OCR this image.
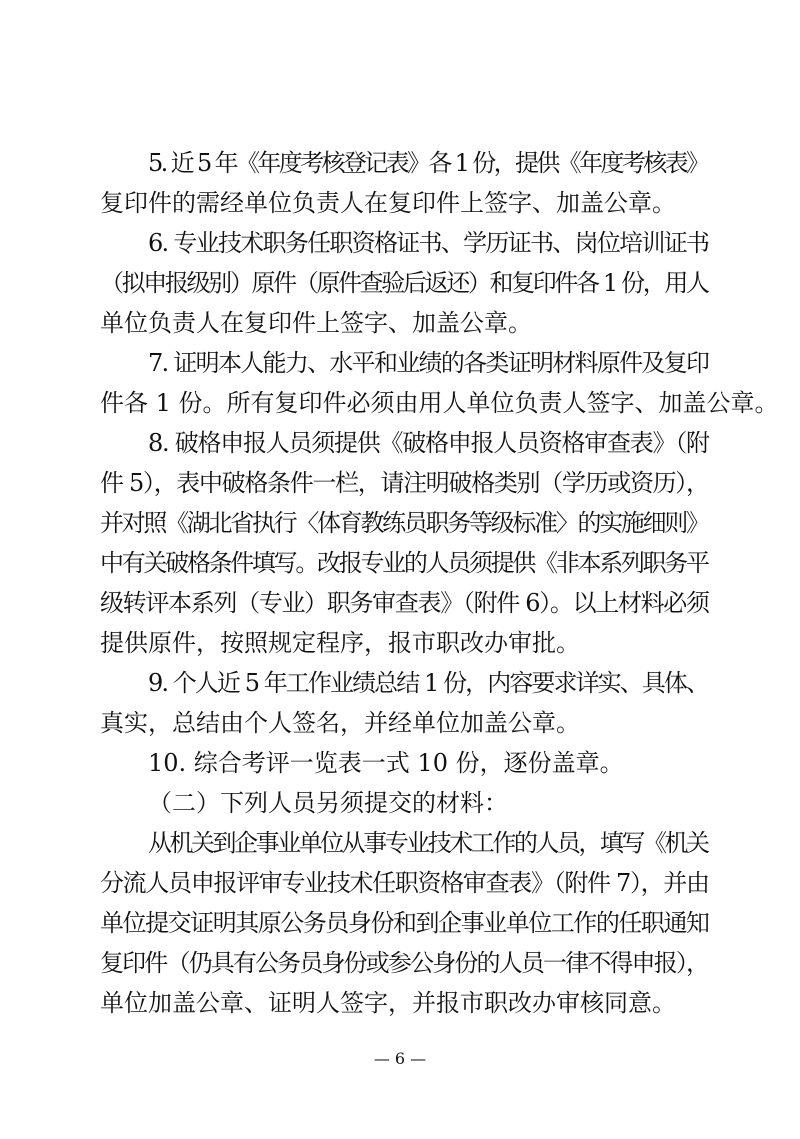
5. 近 5 年《年度考核登记表》各 1 份，提供《年度考核表》
复印件的需经单位负责人在复印件上签字、加盖公章。

6. 专业技术职务任职资格证书、学历证书、岗位培训证书
（拟申报级别）原件（原件查验后返还）和复印件各 1 份，用人
单位负责人在复印件上签字、加盖公章。

7. 证明本人能力、水平和业绩的各类证明材料原件及复印
件各 1 份。所有复印件必须由用人单位负责人签字、加盖公章。

8. 破格申报人员须提供《破格申报人员资格审查表》（附
件 5），表中破格条件一栏，请注明破格类别（学历或资历），
并对照《湖北省执行〈体育教练员职务等级标准〉的实施细则》
中有关破格条件填写。改报专业的人员须提供《非本系列职务平
级转评本系列（专业）职务审查表》（附件 6）。以上材料必须
提供原件，按照规定程序，报市职改办审批。

9. 个人近 5 年工作业绩总结 1 份，内容要求详实、具体、
真实，总结由个人签名，并经单位加盖公章。

10. 综合考评一览表一式 10 份，逐份盖章。

（二）下列人员另须提交的材料：

从机关到企事业单位从事专业技术工作的人员，填写《机关
分流人员申报评审专业技术任职资格审查表》（附件 7），并由
单位提交证明其原公务员身份和到企事业单位工作的任职通知
复印件（仍具有公务员身份或参公身份的人员一律不得申报），
单位加盖公章、证明人签字，并报市职改办审核同意。

— 6 —
